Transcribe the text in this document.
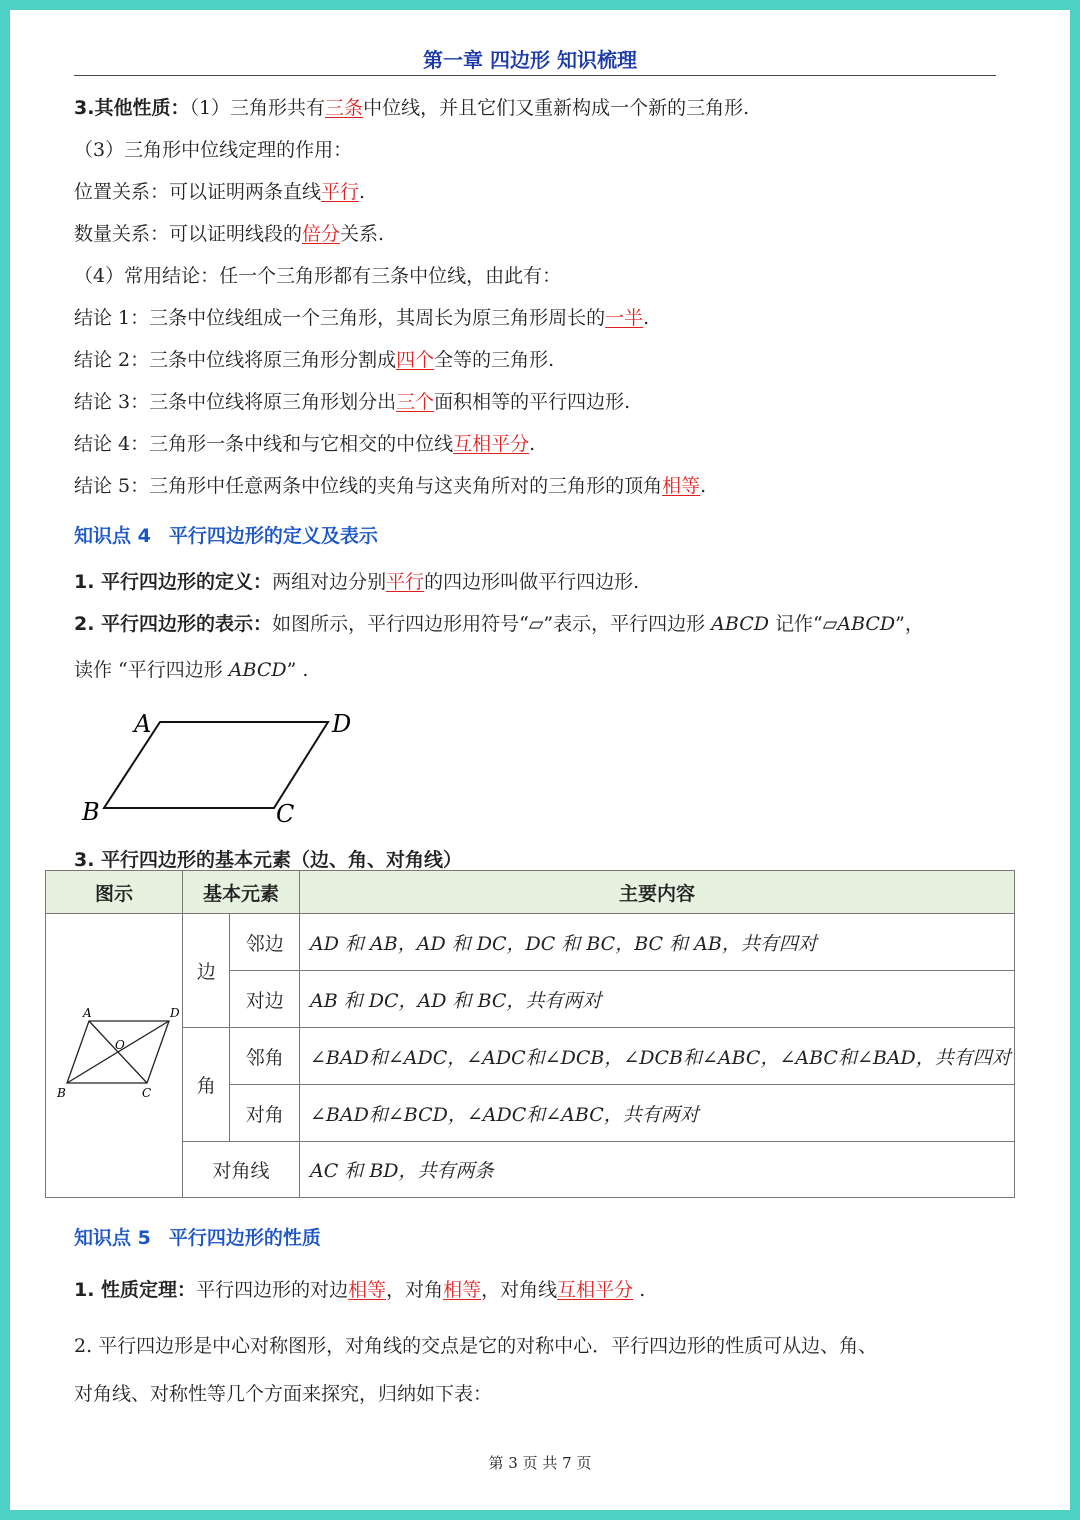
第一章 四边形 知识梳理
3.其他性质：（1）三角形共有三条中位线，并且它们又重新构成一个新的三角形.
（3）三角形中位线定理的作用：
位置关系：可以证明两条直线平行.
数量关系：可以证明线段的倍分关系.
（4）常用结论：任一个三角形都有三条中位线，由此有：
结论 1：三条中位线组成一个三角形，其周长为原三角形周长的一半.
结论 2：三条中位线将原三角形分割成四个全等的三角形.
结论 3：三条中位线将原三角形划分出三个面积相等的平行四边形.
结论 4：三角形一条中线和与它相交的中位线互相平分.
结论 5：三角形中任意两条中位线的夹角与这夹角所对的三角形的顶角相等.
知识点 4 平行四边形的定义及表示
1. 平行四边形的定义：两组对边分别平行的四边形叫做平行四边形.
2. 平行四边形的表示：如图所示，平行四边形用符号“▱”表示，平行四边形 ABCD 记作“▱ABCD”，
读作 “平行四边形 ABCD” .
A	D
B	C
3. 平行四边形的基本元素（边、角、对角线）
图示	基本元素		主要内容

A D
B C
O	边	邻边	AD 和 AB，AD 和 DC，DC 和 BC，BC 和 AB，共有四对
		对边	AB 和 DC，AD 和 BC，共有两对
	角	邻角	∠BAD和∠ADC，∠ADC和∠DCB，∠DCB和∠ABC，∠ABC和∠BAD，共有四对
		对角	∠BAD和∠BCD，∠ADC和∠ABC，共有两对
	对角线		AC 和 BD，共有两条
知识点 5 平行四边形的性质
1. 性质定理：平行四边形的对边相等，对角相等，对角线互相平分 .
2. 平行四边形是中心对称图形，对角线的交点是它的对称中心．平行四边形的性质可从边、角、
对角线、对称性等几个方面来探究，归纳如下表：
第 3 页 共 7 页
